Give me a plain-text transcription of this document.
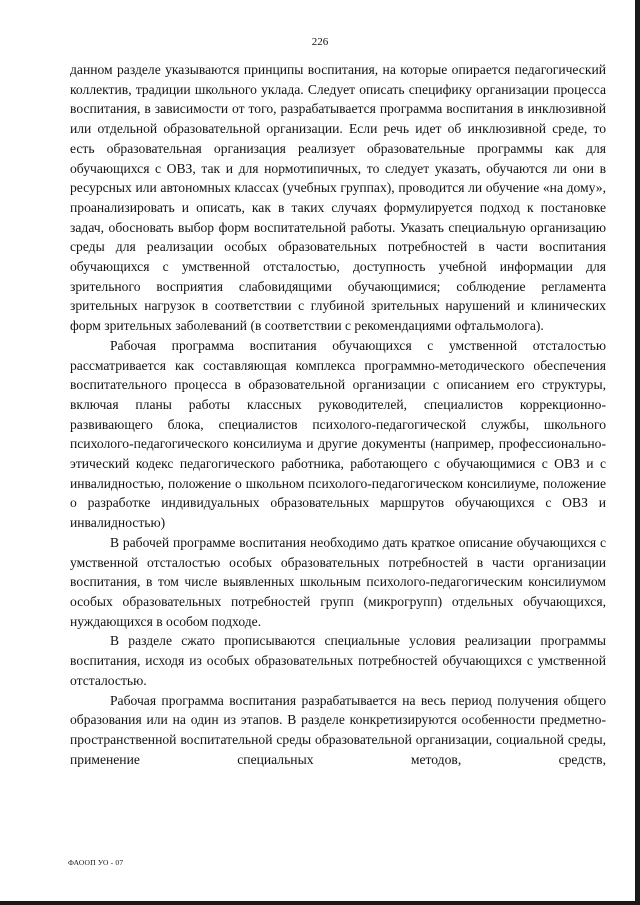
226

данном разделе указываются принципы воспитания, на которые опирается педагогический коллектив, традиции школьного уклада. Следует описать специфику организации процесса воспитания, в зависимости от того, разрабатывается программа воспитания в инклюзивной или отдельной образовательной организации. Если речь идет об инклюзивной среде, то есть образовательная организация реализует образовательные программы как для обучающихся с ОВЗ, так и для нормотипичных, то следует указать, обучаются ли они в ресурсных или автономных классах (учебных группах), проводится ли обучение «на дому», проанализировать и описать, как в таких случаях формулируется подход к постановке задач, обосновать выбор форм воспитательной работы. Указать специальную организацию среды для реализации особых образовательных потребностей в части воспитания обучающихся с умственной отсталостью, доступность учебной информации для зрительного восприятия слабовидящими обучающимися; соблюдение регламента зрительных нагрузок в соответствии с глубиной зрительных нарушений и клинических форм зрительных заболеваний (в соответствии с рекомендациями офтальмолога).

Рабочая программа воспитания обучающихся с умственной отсталостью рассматривается как составляющая комплекса программно-методического обеспечения воспитательного процесса в образовательной организации с описанием его структуры, включая планы работы классных руководителей, специалистов коррекционно-развивающего блока, специалистов психолого-педагогической службы, школьного психолого-педагогического консилиума и другие документы (например, профессионально-этический кодекс педагогического работника, работающего с обучающимися с ОВЗ и с инвалидностью, положение о школьном психолого-педагогическом консилиуме, положение о разработке индивидуальных образовательных маршрутов обучающихся с ОВЗ и инвалидностью)

В рабочей программе воспитания необходимо дать краткое описание обучающихся с умственной отсталостью особых образовательных потребностей в части организации воспитания, в том числе выявленных школьным психолого-педагогическим консилиумом особых образовательных потребностей групп (микрогрупп) отдельных обучающихся, нуждающихся в особом подходе.

В разделе сжато прописываются специальные условия реализации программы воспитания, исходя из особых образовательных потребностей обучающихся с умственной отсталостью.

Рабочая программа воспитания разрабатывается на весь период получения общего образования или на один из этапов. В разделе конкретизируются особенности предметно-пространственной воспитательной среды образовательной организации, социальной среды, применение специальных методов, средств,

ФАООП УО - 07
